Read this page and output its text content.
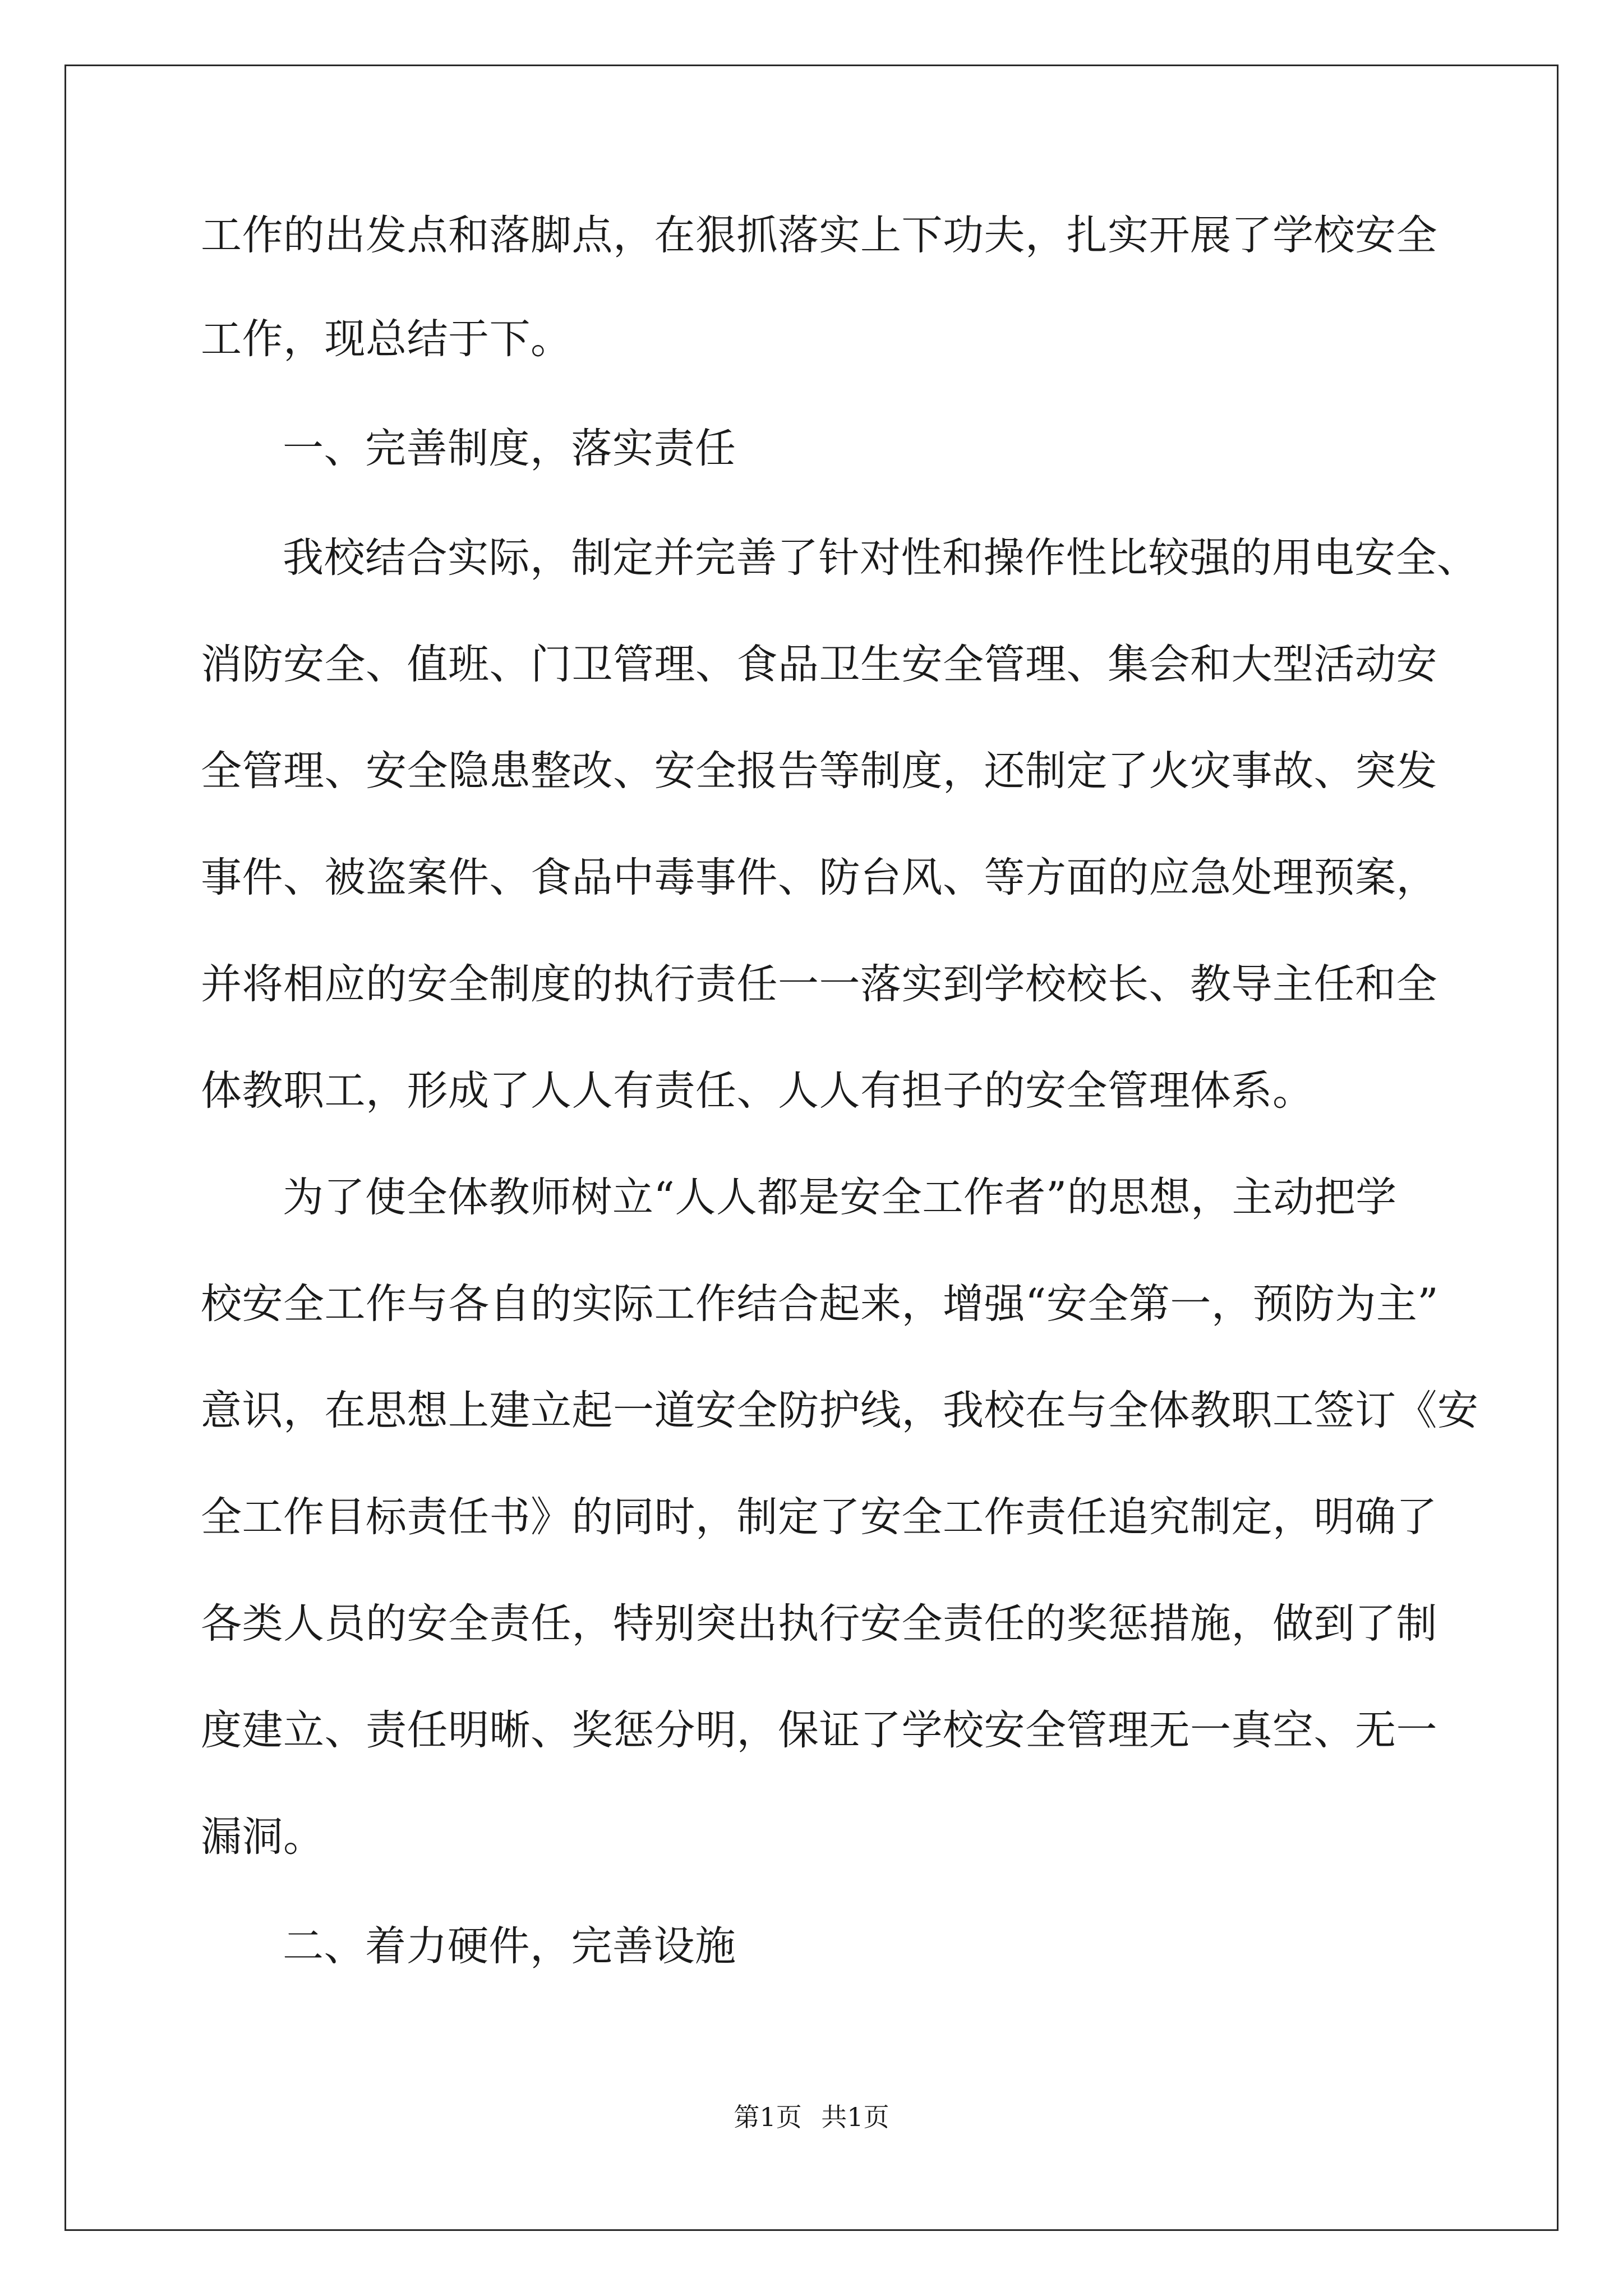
工作的出发点和落脚点，在狠抓落实上下功夫，扎实开展了学校安全
工作，现总结于下。
一、完善制度，落实责任
我校结合实际，制定并完善了针对性和操作性比较强的用电安全、
消防安全、值班、门卫管理、食品卫生安全管理、集会和大型活动安
全管理、安全隐患整改、安全报告等制度，还制定了火灾事故、突发
事件、被盗案件、食品中毒事件、防台风、等方面的应急处理预案，
并将相应的安全制度的执行责任一一落实到学校校长、教导主任和全
体教职工，形成了人人有责任、人人有担子的安全管理体系。
为了使全体教师树立“人人都是安全工作者”的思想，主动把学
校安全工作与各自的实际工作结合起来，增强“安全第一，预防为主”
意识，在思想上建立起一道安全防护线，我校在与全体教职工签订《安
全工作目标责任书》的同时，制定了安全工作责任追究制定，明确了
各类人员的安全责任，特别突出执行安全责任的奖惩措施，做到了制
度建立、责任明晰、奖惩分明，保证了学校安全管理无一真空、无一
漏洞。
二、着力硬件，完善设施
第1页 共1页
